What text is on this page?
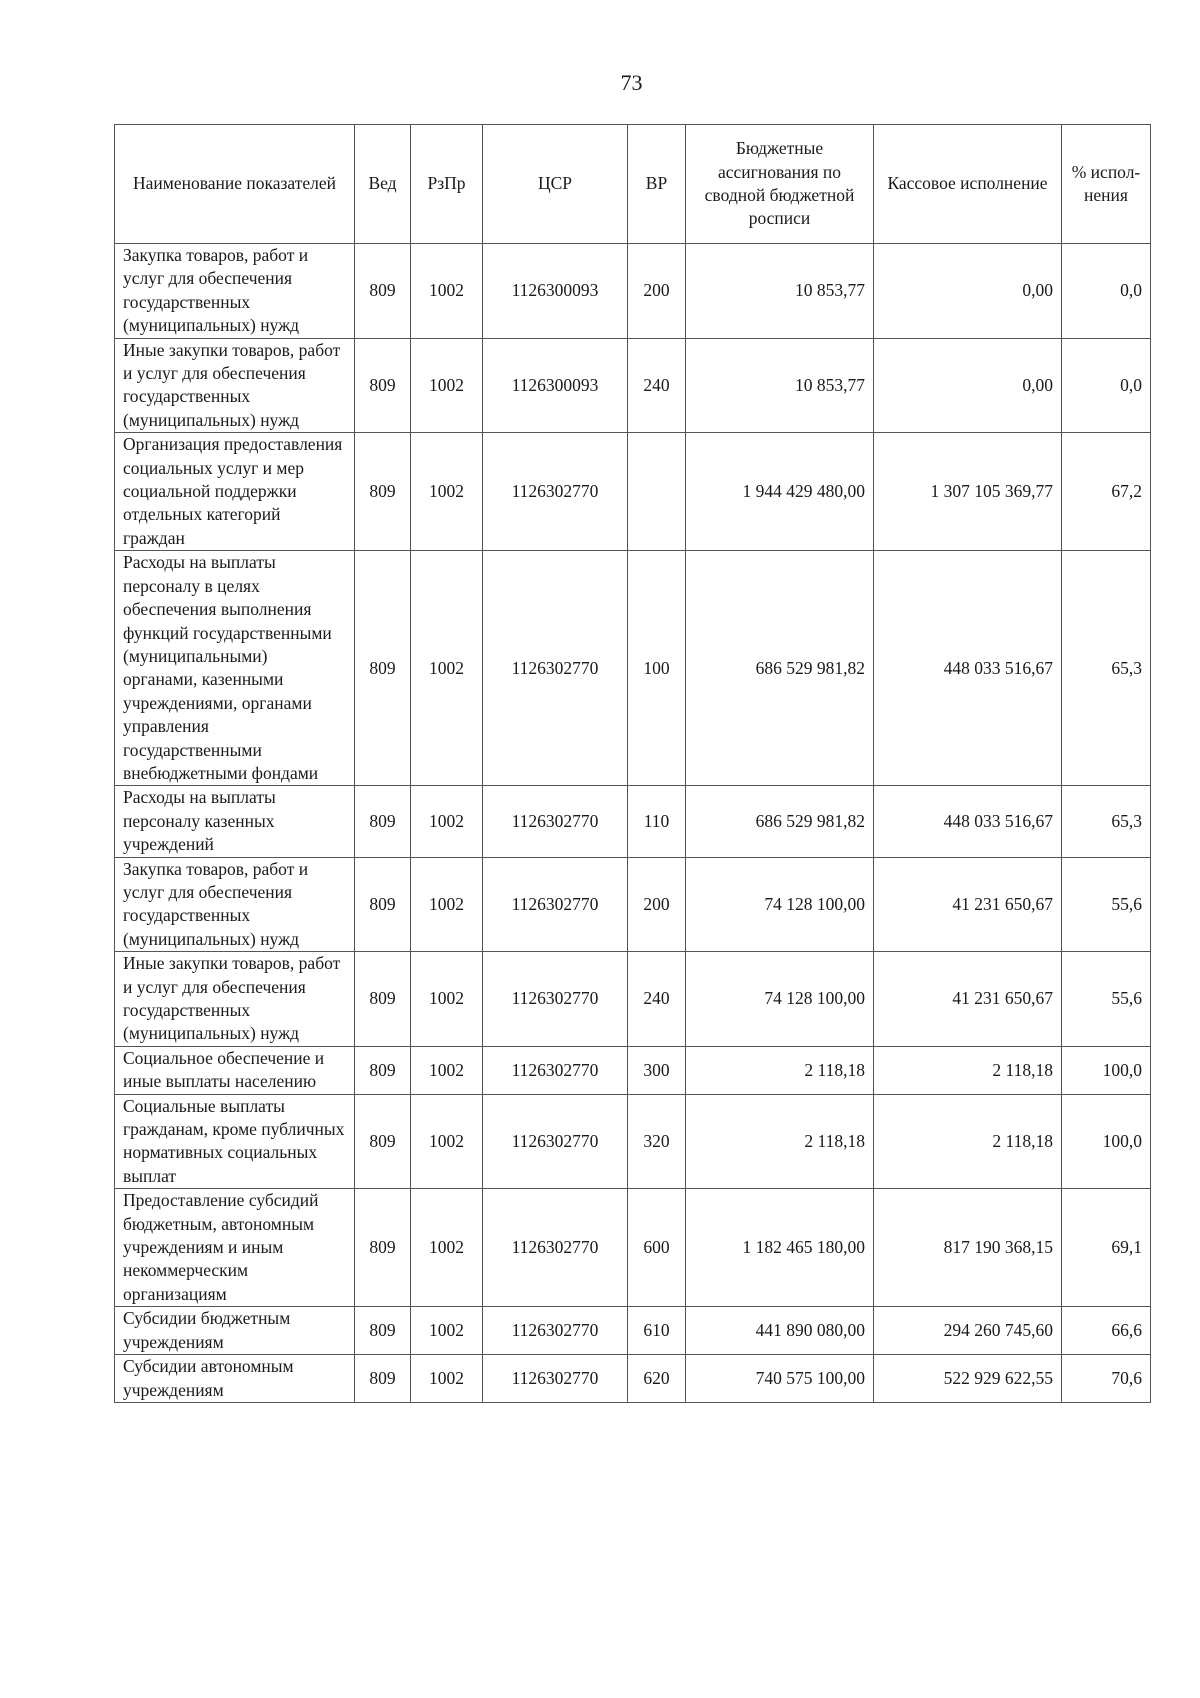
73
Наименование показателей	Вед	РзПр	ЦСР	ВР	Бюджетные ассигнования по сводной бюджетной росписи	Кассовое исполнение	% испол-нения
Закупка товаров, работ и услуг для обеспечения государственных (муниципальных) нужд	809	1002	1126300093	200	10 853,77	0,00	0,0
Иные закупки товаров, работ и услуг для обеспечения государственных (муниципальных) нужд	809	1002	1126300093	240	10 853,77	0,00	0,0
Организация предоставления социальных услуг и мер социальной поддержки отдельных категорий граждан	809	1002	1126302770		1 944 429 480,00	1 307 105 369,77	67,2
Расходы на выплаты персоналу в целях обеспечения выполнения функций государственными (муниципальными) органами, казенными учреждениями, органами управления государственными внебюджетными фондами	809	1002	1126302770	100	686 529 981,82	448 033 516,67	65,3
Расходы на выплаты персоналу казенных учреждений	809	1002	1126302770	110	686 529 981,82	448 033 516,67	65,3
Закупка товаров, работ и услуг для обеспечения государственных (муниципальных) нужд	809	1002	1126302770	200	74 128 100,00	41 231 650,67	55,6
Иные закупки товаров, работ и услуг для обеспечения государственных (муниципальных) нужд	809	1002	1126302770	240	74 128 100,00	41 231 650,67	55,6
Социальное обеспечение и иные выплаты населению	809	1002	1126302770	300	2 118,18	2 118,18	100,0
Социальные выплаты гражданам, кроме публичных нормативных социальных выплат	809	1002	1126302770	320	2 118,18	2 118,18	100,0
Предоставление субсидий бюджетным, автономным учреждениям и иным некоммерческим организациям	809	1002	1126302770	600	1 182 465 180,00	817 190 368,15	69,1
Субсидии бюджетным учреждениям	809	1002	1126302770	610	441 890 080,00	294 260 745,60	66,6
Субсидии автономным учреждениям	809	1002	1126302770	620	740 575 100,00	522 929 622,55	70,6
